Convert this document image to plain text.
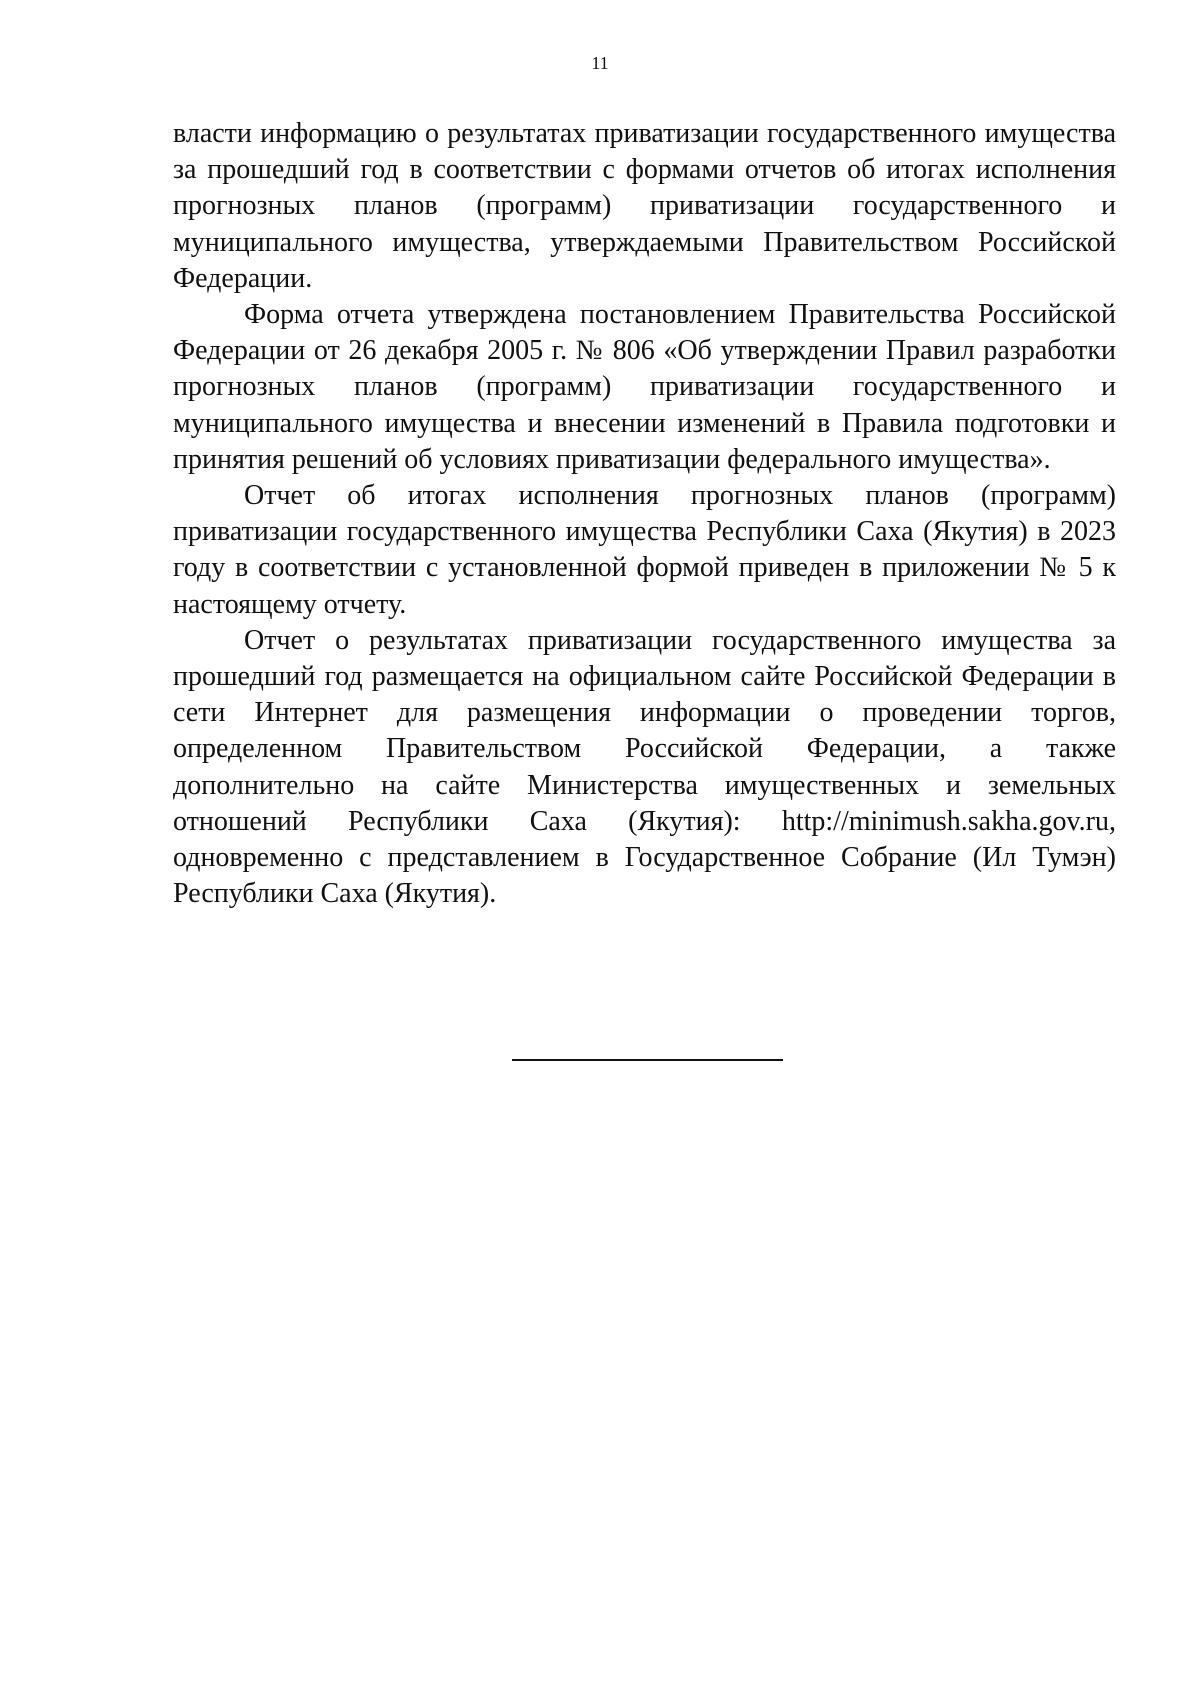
11

власти информацию о результатах приватизации государственного имущества за прошедший год в соответствии с формами отчетов об итогах исполнения прогнозных планов (программ) приватизации государственного и муниципального имущества, утверждаемыми Правительством Российской Федерации.

Форма отчета утверждена постановлением Правительства Российской Федерации от 26 декабря 2005 г. № 806 «Об утверждении Правил разработки прогнозных планов (программ) приватизации государственного и муниципального имущества и внесении изменений в Правила подготовки и принятия решений об условиях приватизации федерального имущества».

Отчет об итогах исполнения прогнозных планов (программ) приватизации государственного имущества Республики Саха (Якутия) в 2023 году в соответствии с установленной формой приведен в приложении № 5 к настоящему отчету.

Отчет о результатах приватизации государственного имущества за прошедший год размещается на официальном сайте Российской Федерации в сети Интернет для размещения информации о проведении торгов, определенном Правительством Российской Федерации, а также дополнительно на сайте Министерства имущественных и земельных отношений Республики Саха (Якутия): http://minimush.sakha.gov.ru, одновременно с представлением в Государственное Собрание (Ил Тумэн) Республики Саха (Якутия).
